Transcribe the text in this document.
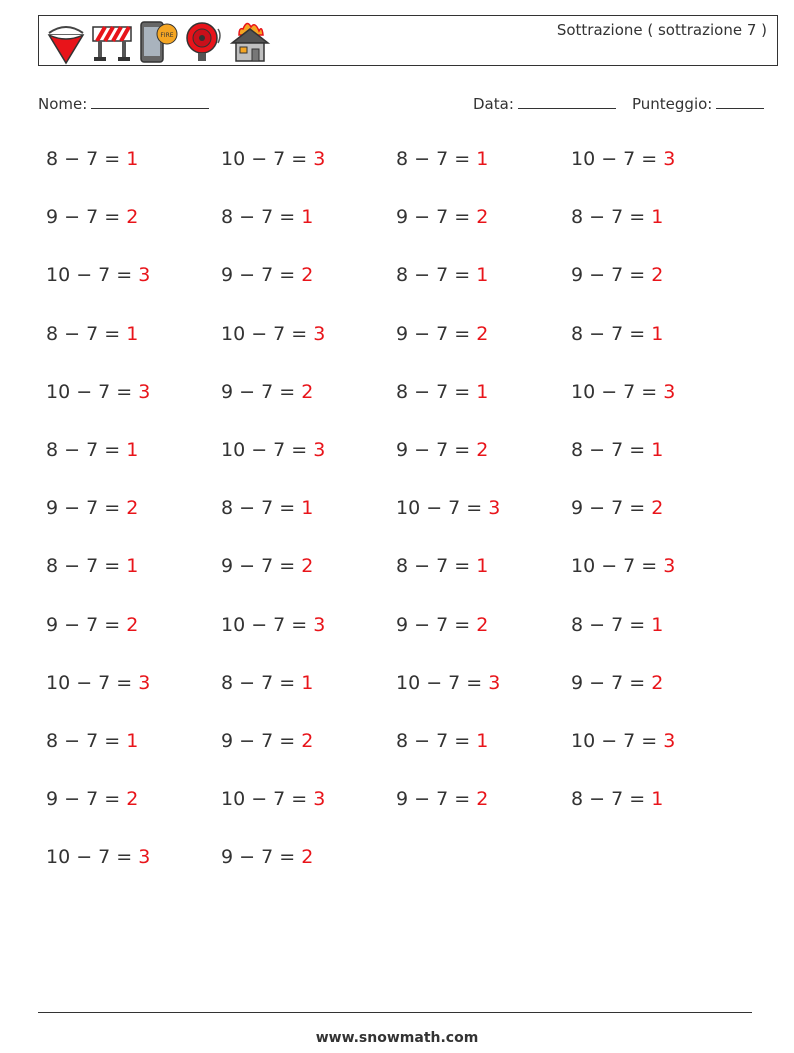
FIRE	Sottrazione ( sottrazione 7 )
Nome:	Data:	Punteggio:
8 − 7 = 1	10 − 7 = 3	8 − 7 = 1	10 − 7 = 3
9 − 7 = 2	8 − 7 = 1	9 − 7 = 2	8 − 7 = 1
10 − 7 = 3	9 − 7 = 2	8 − 7 = 1	9 − 7 = 2
8 − 7 = 1	10 − 7 = 3	9 − 7 = 2	8 − 7 = 1
10 − 7 = 3	9 − 7 = 2	8 − 7 = 1	10 − 7 = 3
8 − 7 = 1	10 − 7 = 3	9 − 7 = 2	8 − 7 = 1
9 − 7 = 2	8 − 7 = 1	10 − 7 = 3	9 − 7 = 2
8 − 7 = 1	9 − 7 = 2	8 − 7 = 1	10 − 7 = 3
9 − 7 = 2	10 − 7 = 3	9 − 7 = 2	8 − 7 = 1
10 − 7 = 3	8 − 7 = 1	10 − 7 = 3	9 − 7 = 2
8 − 7 = 1	9 − 7 = 2	8 − 7 = 1	10 − 7 = 3
9 − 7 = 2	10 − 7 = 3	9 − 7 = 2	8 − 7 = 1
10 − 7 = 3	9 − 7 = 2
www.snowmath.com
